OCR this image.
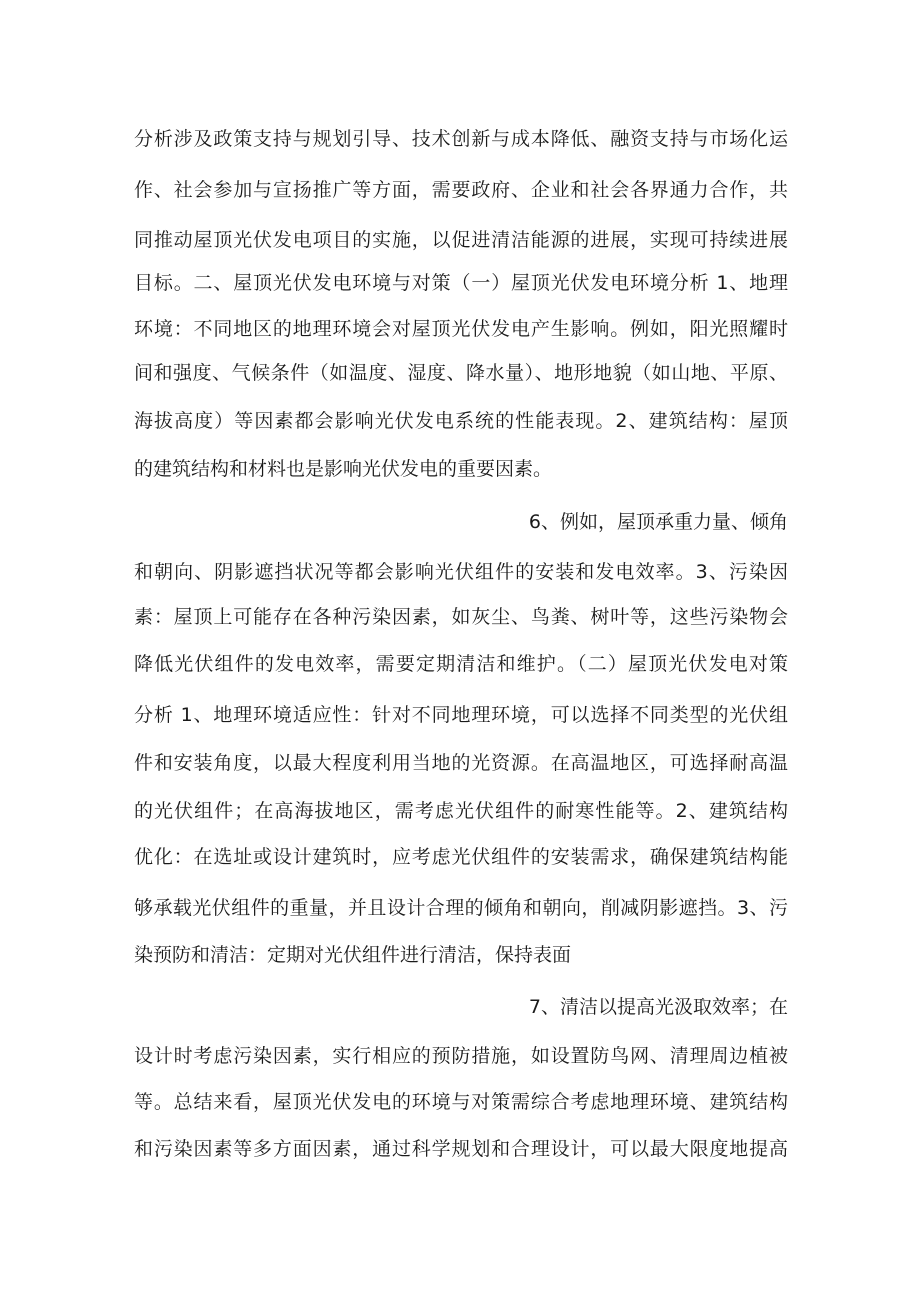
分析涉及政策支持与规划引导、技术创新与成本降低、融资支持与市场化运
作、社会参加与宣扬推广等方面，需要政府、企业和社会各界通力合作，共
同推动屋顶光伏发电项目的实施，以促进清洁能源的进展，实现可持续进展
目标。二、屋顶光伏发电环境与对策（一）屋顶光伏发电环境分析 1、地理
环境：不同地区的地理环境会对屋顶光伏发电产生影响。例如，阳光照耀时
间和强度、气候条件（如温度、湿度、降水量）、地形地貌（如山地、平原、
海拔高度）等因素都会影响光伏发电系统的性能表现。2、建筑结构：屋顶
的建筑结构和材料也是影响光伏发电的重要因素。
6、例如，屋顶承重力量、倾角
和朝向、阴影遮挡状况等都会影响光伏组件的安装和发电效率。3、污染因
素：屋顶上可能存在各种污染因素，如灰尘、鸟粪、树叶等，这些污染物会
降低光伏组件的发电效率，需要定期清洁和维护。（二）屋顶光伏发电对策
分析 1、地理环境适应性：针对不同地理环境，可以选择不同类型的光伏组
件和安装角度，以最大程度利用当地的光资源。在高温地区，可选择耐高温
的光伏组件；在高海拔地区，需考虑光伏组件的耐寒性能等。2、建筑结构
优化：在选址或设计建筑时，应考虑光伏组件的安装需求，确保建筑结构能
够承载光伏组件的重量，并且设计合理的倾角和朝向，削减阴影遮挡。3、污
染预防和清洁：定期对光伏组件进行清洁，保持表面
7、清洁以提高光汲取效率；在
设计时考虑污染因素，实行相应的预防措施，如设置防鸟网、清理周边植被
等。总结来看，屋顶光伏发电的环境与对策需综合考虑地理环境、建筑结构
和污染因素等多方面因素，通过科学规划和合理设计，可以最大限度地提高
